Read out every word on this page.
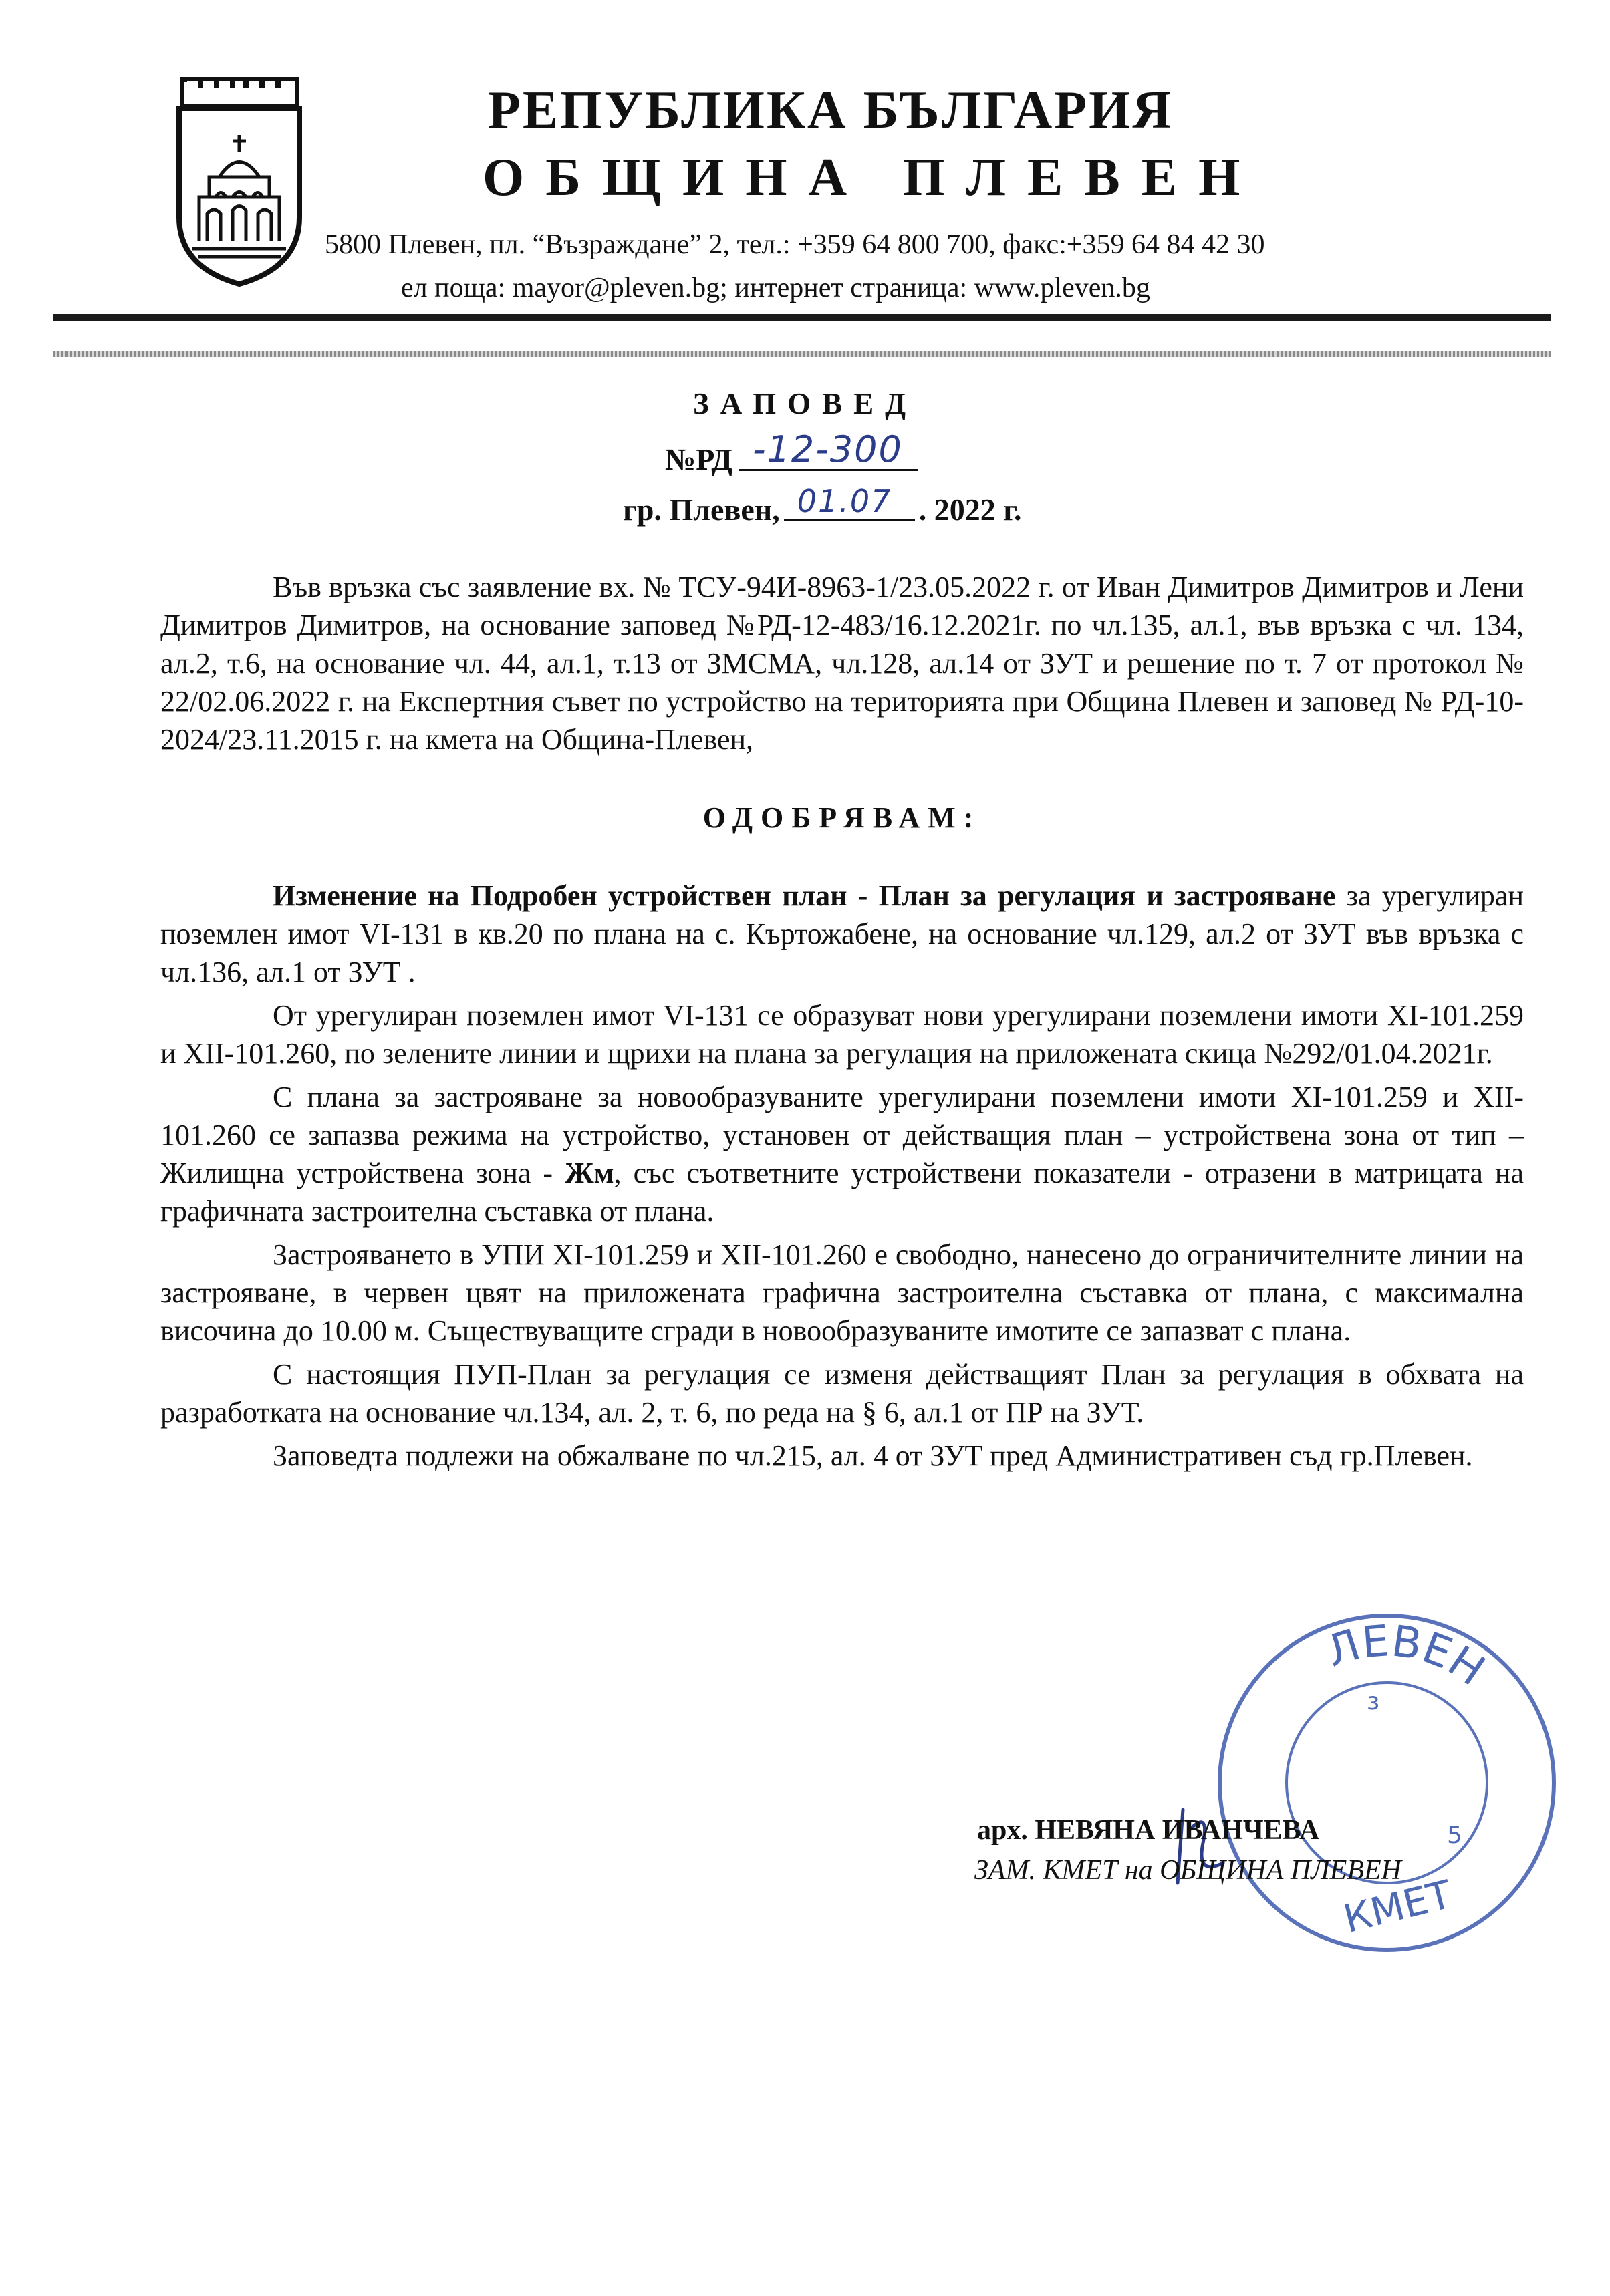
РЕПУБЛИКА БЪЛГАРИЯ
ОБЩИНА ПЛЕВЕН
5800 Плевен, пл. “Възраждане” 2, тел.: +359 64 800 700, факс:+359 64 84 42 30
ел поща: mayor@pleven.bg; интернет страница: www.pleven.bg
ЗАПОВЕД
№РД -12-300
гр. Плевен, 01.07 . 2022 г.

Във връзка със заявление вх. № ТСУ-94И-8963-1/23.05.2022 г. от Иван Димитров Димитров и Лени Димитров Димитров, на основание заповед №РД-12-483/16.12.2021г. по чл.135, ал.1, във връзка с чл. 134, ал.2, т.6, на основание чл. 44, ал.1, т.13 от ЗМСМА, чл.128, ал.14 от ЗУТ и решение по т. 7 от протокол № 22/02.06.2022 г. на Експертния съвет по устройство на територията при Община Плевен и заповед № РД-10-2024/23.11.2015 г. на кмета на Община-Плевен,

ОДОБРЯВАМ:

Изменение на Подробен устройствен план - План за регулация и застрояване за урегулиран поземлен имот VI-131 в кв.20 по плана на с. Къртожабене, на основание чл.129, ал.2 от ЗУТ във връзка с чл.136, ал.1 от ЗУТ .

От урегулиран поземлен имот VI-131 се образуват нови урегулирани поземлени имоти XI-101.259 и XII-101.260, по зелените линии и щрихи на плана за регулация на приложената скица №292/01.04.2021г.

С плана за застрояване за новообразуваните урегулирани поземлени имоти XI-101.259 и XII-101.260 се запазва режима на устройство, установен от действащия план – устройствена зона от тип – Жилищна устройствена зона - Жм, със съответните устройствени показатели - отразени в матрицата на графичната застроителна съставка от плана.

Застрояването в УПИ XI-101.259 и XII-101.260 е свободно, нанесено до ограничителните линии на застрояване, в червен цвят на приложената графична застроителна съставка от плана, с максимална височина до 10.00 м. Съществуващите сгради в новообразуваните имотите се запазват с плана.

С настоящия ПУП-План за регулация се изменя действащият План за регулация в обхвата на разработката на основание чл.134, ал. 2, т. 6, по реда на § 6, ал.1 от ПР на ЗУТ.

Заповедта подлежи на обжалване по чл.215, ал. 4 от ЗУТ пред Административен съд гр.Плевен.

ЛЕВЕН
КМЕТ
5
з
арх. НЕВЯНА ИВАНЧЕВА
ЗАМ. КМЕТ на ОБЩИНА ПЛЕВЕН
